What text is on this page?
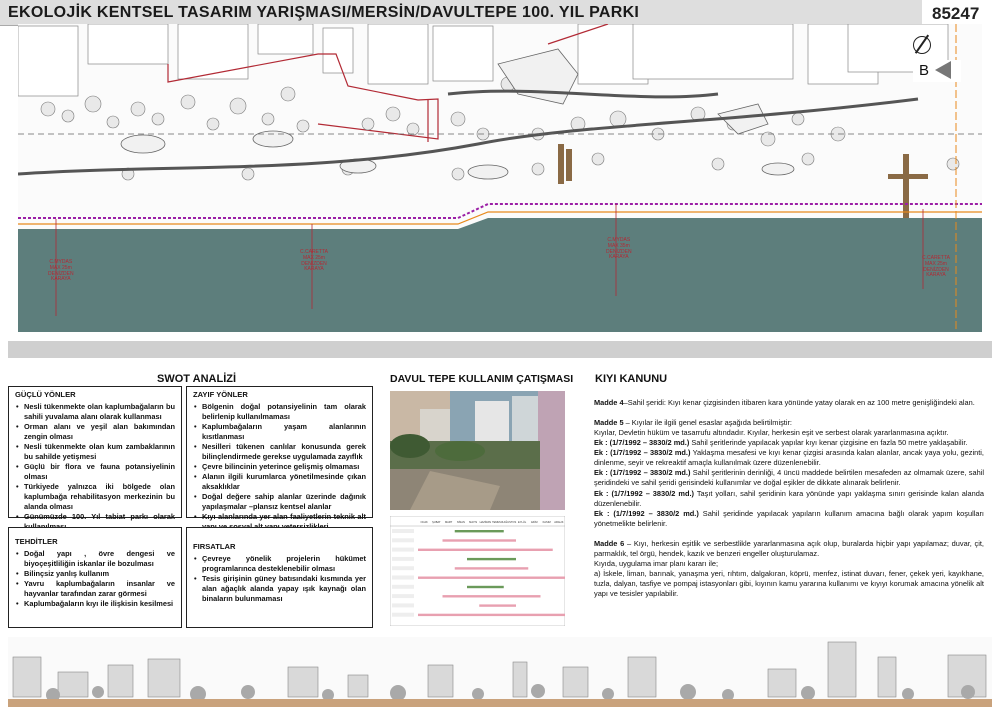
EKOLOJİK KENTSEL TASARIM YARIŞMASI/MERSİN/DAVULTEPE 100. YIL PARKI	85247
B
C.MYDAS
MAX 25m
DENİZDEN
KARAYA
C.CARETTA
MAX 25m
DENİZDEN
KARAYA
C.MYDAS
MAX 35m
DENİZDEN
KARAYA	C.CARETTA
MAX 25m
DENİZDEN
KARAYA
SWOT ANALİZİ
GÜÇLÜ YÖNLER
• Nesli tükenmekte olan kaplumbağaların bu sahili yuvalama alanı olarak kullanması
• Orman alanı ve yeşil alan bakımından zengin olması
• Nesli tükenmekte olan kum zambaklarının bu sahilde yetişmesi
• Güçlü bir flora ve fauna potansiyelinin olması
• Türkiyede yalnızca iki bölgede olan kaplumbağa rehabilitasyon merkezinin bu alanda olması
• Günümüzde 100. Yıl tabiat parkı olarak
ZAYIF YÖNLER
• Bölgenin doğal potansiyelinin tam olarak belirlenip kullanılmaması
• Kaplumbağaların yaşam alanlarının kısıtlanması
• Nesilleri tükenen canlılar konusunda gerek bilinçlendirmede gerekse uygulamada zayıflık
• Çevre bilincinin yeterince gelişmiş olmaması
• Alanın ilgili kurumlarca yönetilmesinde çıkan aksaklıklar
• Doğal değere sahip alanlar üzerinde dağınık yapılaşmalar –plansız kentsel alanlar
• Kıyı alanlarında yer alan faaliyetlerin teknik alt
TEHDİTLER
• Doğal yapı , övre dengesi ve biyoçeşitliliğin iskanlar ile bozulması
• Bilinçsiz yanlış kullanım
• Yavru kaplumbağaların insanlar ve hayvanlar tarafından zarar görmesi
• Kaplumbağaların kıyı ile ilişkisin kesilmesi
FIRSATLAR
• Çevreye yönelik projelerin hükümet programlarınca desteklenebilir olması
• Tesis girişinin güney batısındaki kısmında yer alan ağaçlık alanda yapay ışık kaynağı olan binaların bulunmaması
DAVUL TEPE KULLANIM ÇATIŞMASI
OCAK ŞUBAT MART NİSAN MAYIS HAZİRAN TEMMUZ AĞUSTOS EYLÜL EKİM KASIM ARALIK
KIYI KANUNU

Madde 4–Sahil şeridi: Kıyı kenar çizgisinden itibaren kara yönünde yatay olarak en az 100 metre genişliğindeki alan.

Madde 5 – Kıyılar ile ilgili genel esaslar aşağıda belirtilmiştir:

Kıyılar, Devletin hüküm ve tasarrufu altındadır. Kıyılar, herkesin eşit ve serbest olarak yararlanmasına açıktır.

Ek : (1/7/1992 – 3830/2 md.) Sahil şeritlerinde yapılacak yapılar kıyı kenar çizgisine en fazla 50 metre yaklaşabilir.

Ek : (1/7/1992 – 3830/2 md.) Yaklaşma mesafesi ve kıyı kenar çizgisi arasında kalan alanlar, ancak yaya yolu, gezinti, dinlenme, seyir ve rekreaktif amaçla kullanılmak üzere düzenlenebilir.

Ek : (1/7/1992 – 3830/2 md.) Sahil şeritlerinin derinliği, 4 üncü maddede belirtilen mesafeden az olmamak üzere, sahil şeridindeki ve sahil şeridi gerisindeki kullanımlar ve doğal eşikler de dikkate alınarak belirlenir.

Ek : (1/7/1992 – 3830/2 md.) Taşıt yolları, sahil şeridinin kara yönünde yapı yaklaşma sınırı gerisinde kalan alanda düzenlenebilir.

Ek : (1/7/1992 – 3830/2 md.) Sahil şeridinde yapılacak yapıların kullanım amacına bağlı olarak yapım koşulları yönetmelikte belirlenir.

Madde 6 – Kıyı, herkesin eşitlik ve serbestlikle yararlanmasına açık olup, buralarda hiçbir yapı yapılamaz; duvar, çit, parmaklık, tel örgü, hendek, kazık ve benzeri engeller oluşturulamaz.

Kıyıda, uygulama imar planı kararı ile;

a) İskele, liman, barınak, yanaşma yeri, rıhtım, dalgakıran, köprü, menfez, istinat duvarı, fener, çekek yeri, kayıkhane, tuzla, dalyan, tasfiye ve pompaj istasyonları gibi, kıyının kamu yararına kullanımı ve kıyıyı korumak amacına yönelik alt yapı ve tesisler yapılabilir.
